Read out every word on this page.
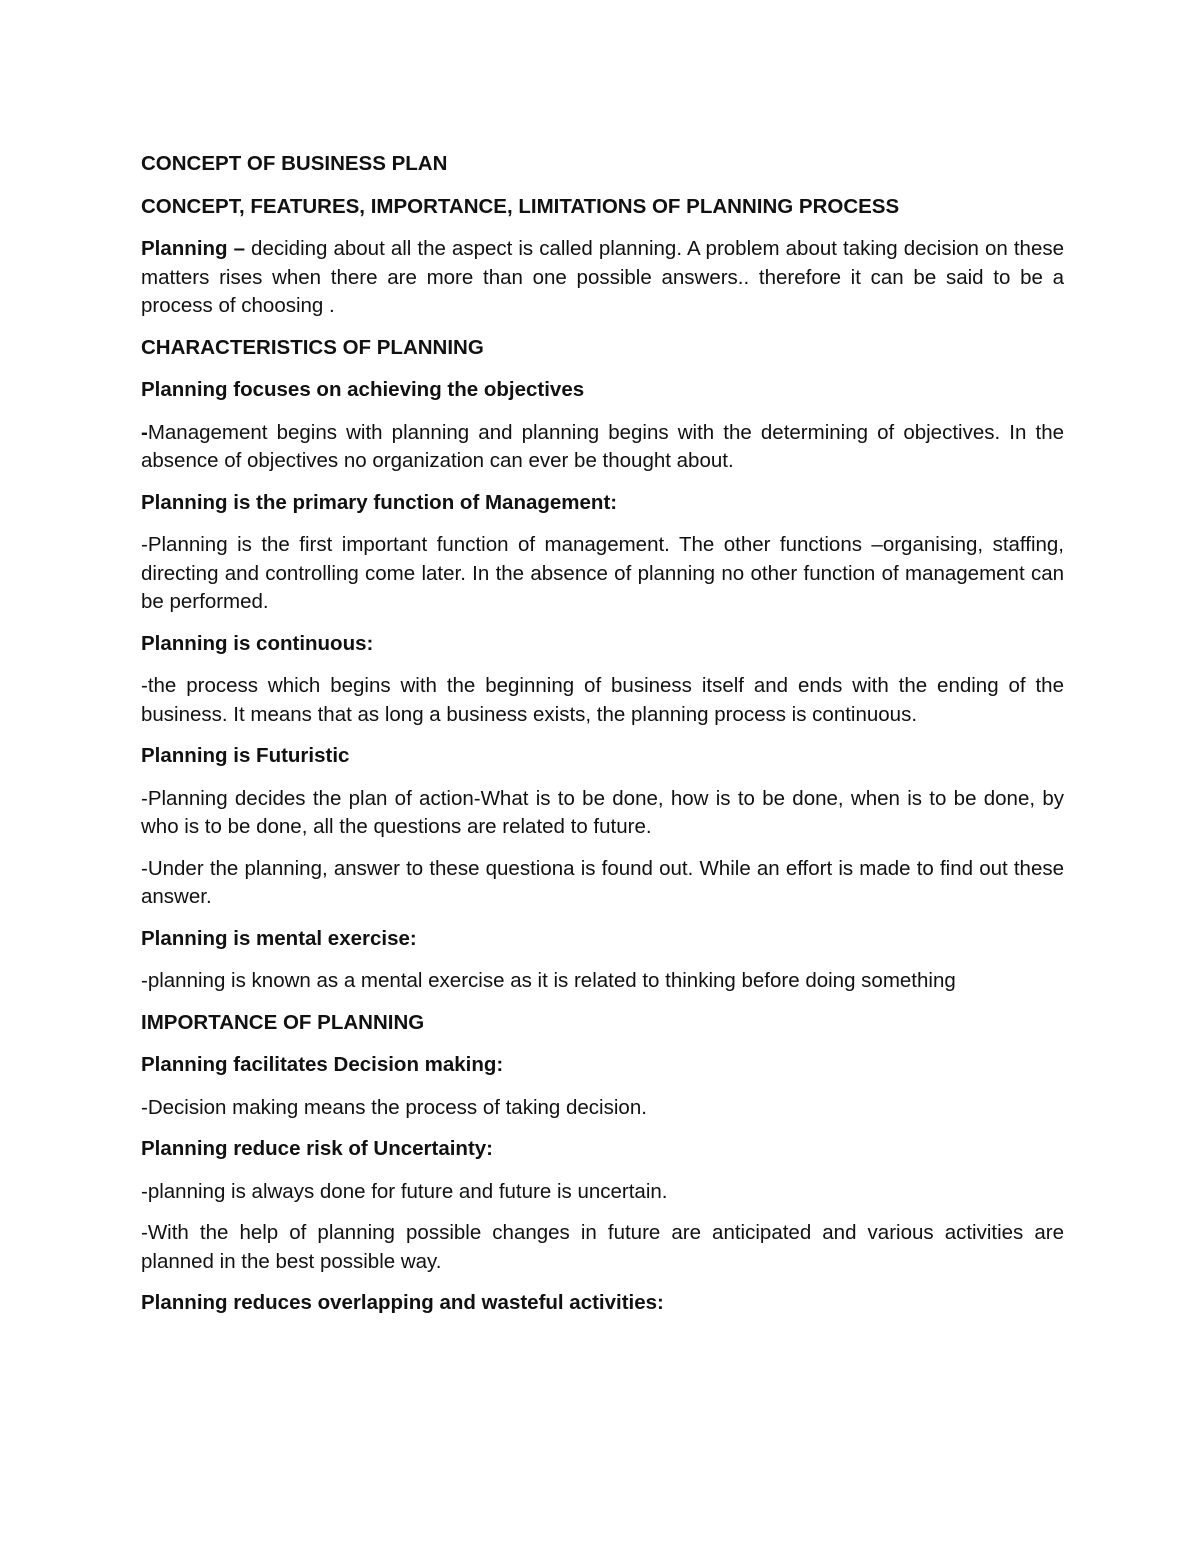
CONCEPT OF BUSINESS PLAN
CONCEPT, FEATURES, IMPORTANCE, LIMITATIONS OF PLANNING PROCESS

Planning – deciding about all the aspect is called planning. A problem about taking decision on these matters rises when there are more than one possible answers.. therefore it can be said to be a process of choosing .

CHARACTERISTICS OF PLANNING
Planning focuses on achieving the objectives

-Management begins with planning and planning begins with the determining of objectives. In the absence of objectives no organization can ever be thought about.

Planning is the primary function of Management:

-Planning is the first important function of management. The other functions –organising, staffing, directing and controlling come later. In the absence of planning no other function of management can be performed.

Planning is continuous:

-the process which begins with the beginning of business itself and ends with the ending of the business. It means that as long a business exists, the planning process is continuous.

Planning is Futuristic

-Planning decides the plan of action-What is to be done, how is to be done, when is to be done, by who is to be done, all the questions are related to future.

-Under the planning, answer to these questiona is found out. While an effort is made to find out these answer.

Planning is mental exercise:

-planning is known as a mental exercise as it is related to thinking before doing something

IMPORTANCE OF PLANNING
Planning facilitates Decision making:

-Decision making means the process of taking decision.

Planning reduce risk of Uncertainty:

-planning is always done for future and future is uncertain.

-With the help of planning possible changes in future are anticipated and various activities are planned in the best possible way.

Planning reduces overlapping and wasteful activities:
